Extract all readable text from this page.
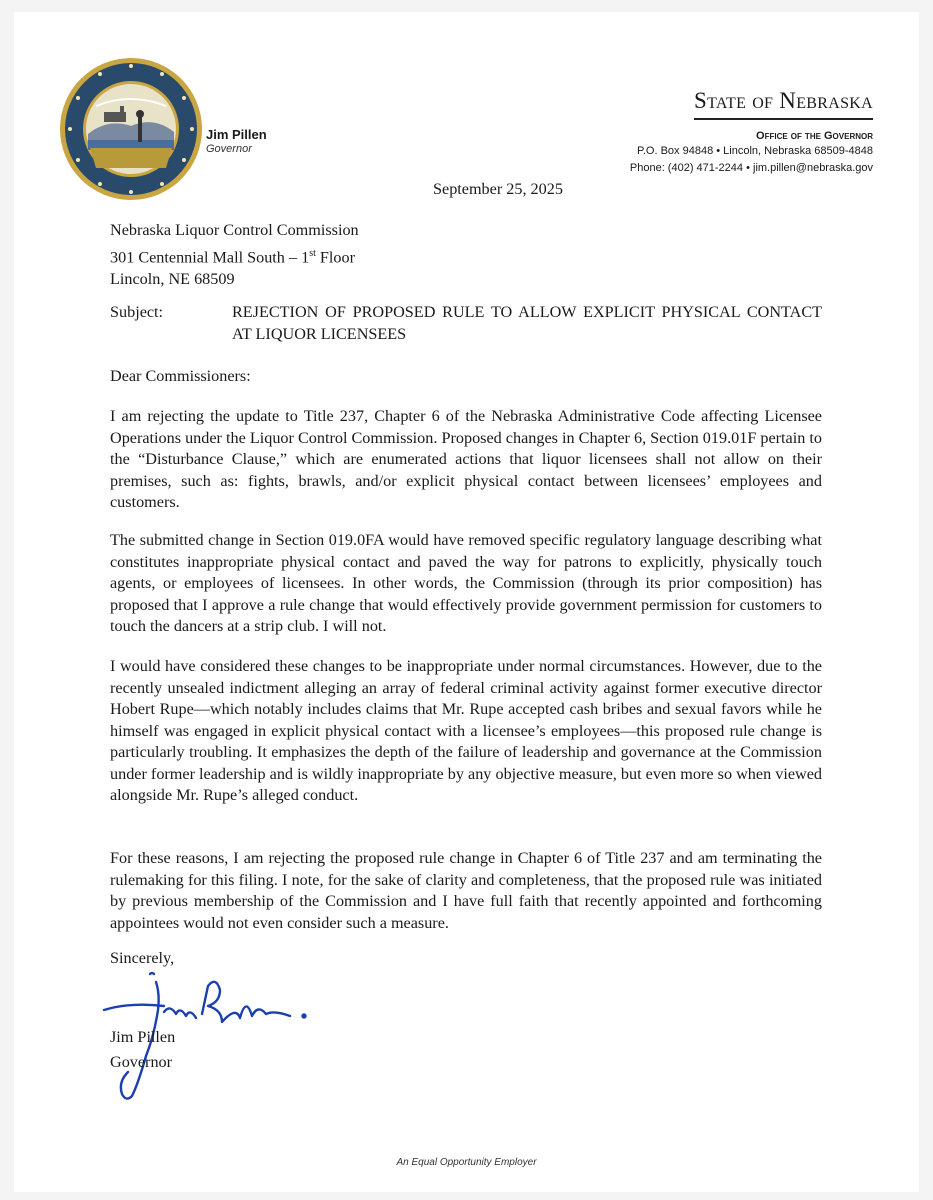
Jim Pillen
Governor
State of Nebraska
Office of the Governor
P.O. Box 94848 • Lincoln, Nebraska 68509-4848
Phone: (402) 471-2244 • jim.pillen@nebraska.gov
September 25, 2025
Nebraska Liquor Control Commission
301 Centennial Mall South – 1st Floor
Lincoln, NE 68509
Subject:	REJECTION OF PROPOSED RULE TO ALLOW EXPLICIT PHYSICAL CONTACT AT LIQUOR LICENSEES
Dear Commissioners:
I am rejecting the update to Title 237, Chapter 6 of the Nebraska Administrative Code affecting Licensee Operations under the Liquor Control Commission. Proposed changes in Chapter 6, Section 019.01F pertain to the “Disturbance Clause,” which are enumerated actions that liquor licensees shall not allow on their premises, such as: fights, brawls, and/or explicit physical contact between licensees’ employees and customers.
The submitted change in Section 019.0FA would have removed specific regulatory language describing what constitutes inappropriate physical contact and paved the way for patrons to explicitly, physically touch agents, or employees of licensees. In other words, the Commission (through its prior composition) has proposed that I approve a rule change that would effectively provide government permission for customers to touch the dancers at a strip club. I will not.
I would have considered these changes to be inappropriate under normal circumstances. However, due to the recently unsealed indictment alleging an array of federal criminal activity against former executive director Hobert Rupe—which notably includes claims that Mr. Rupe accepted cash bribes and sexual favors while he himself was engaged in explicit physical contact with a licensee’s employees—this proposed rule change is particularly troubling. It emphasizes the depth of the failure of leadership and governance at the Commission under former leadership and is wildly inappropriate by any objective measure, but even more so when viewed alongside Mr. Rupe’s alleged conduct.
For these reasons, I am rejecting the proposed rule change in Chapter 6 of Title 237 and am terminating the rulemaking for this filing. I note, for the sake of clarity and completeness, that the proposed rule was initiated by previous membership of the Commission and I have full faith that recently appointed and forthcoming appointees would not even consider such a measure.
Sincerely,
Jim Pillen
Governor
An Equal Opportunity Employer
